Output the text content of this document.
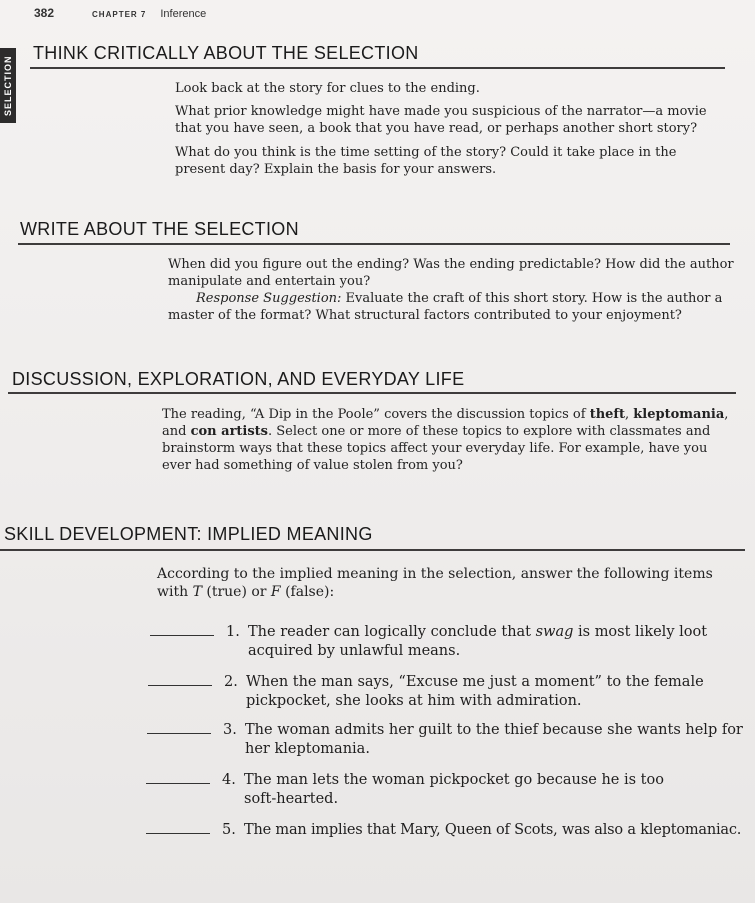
382	CHAPTER 7 Inference
SELECTION
THINK CRITICALLY ABOUT THE SELECTION

Look back at the story for clues to the ending.

What prior knowledge might have made you suspicious of the narrator—a movie that you have seen, a book that you have read, or perhaps another short story?

What do you think is the time setting of the story? Could it take place in the present day? Explain the basis for your answers.

WRITE ABOUT THE SELECTION

When did you figure out the ending? Was the ending predictable? How did the author manipulate and entertain you?

Response Suggestion: Evaluate the craft of this short story. How is the author a master of the format? What structural factors contributed to your enjoyment?

DISCUSSION, EXPLORATION, AND EVERYDAY LIFE

The reading, “A Dip in the Poole” covers the discussion topics of theft, kleptomania, and con artists. Select one or more of these topics to explore with classmates and brainstorm ways that these topics affect your everyday life. For example, have you ever had something of value stolen from you?

SKILL DEVELOPMENT: IMPLIED MEANING

According to the implied meaning in the selection, answer the following items with T (true) or F (false):

1. The reader can logically conclude that swag is most likely loot
acquired by unlawful means.
2. When the man says, “Excuse me just a moment” to the female
pickpocket, she looks at him with admiration.
3. The woman admits her guilt to the thief because she wants help for
her kleptomania.
4. The man lets the woman pickpocket go because he is too
soft-hearted.
5. The man implies that Mary, Queen of Scots, was also a kleptomaniac.
